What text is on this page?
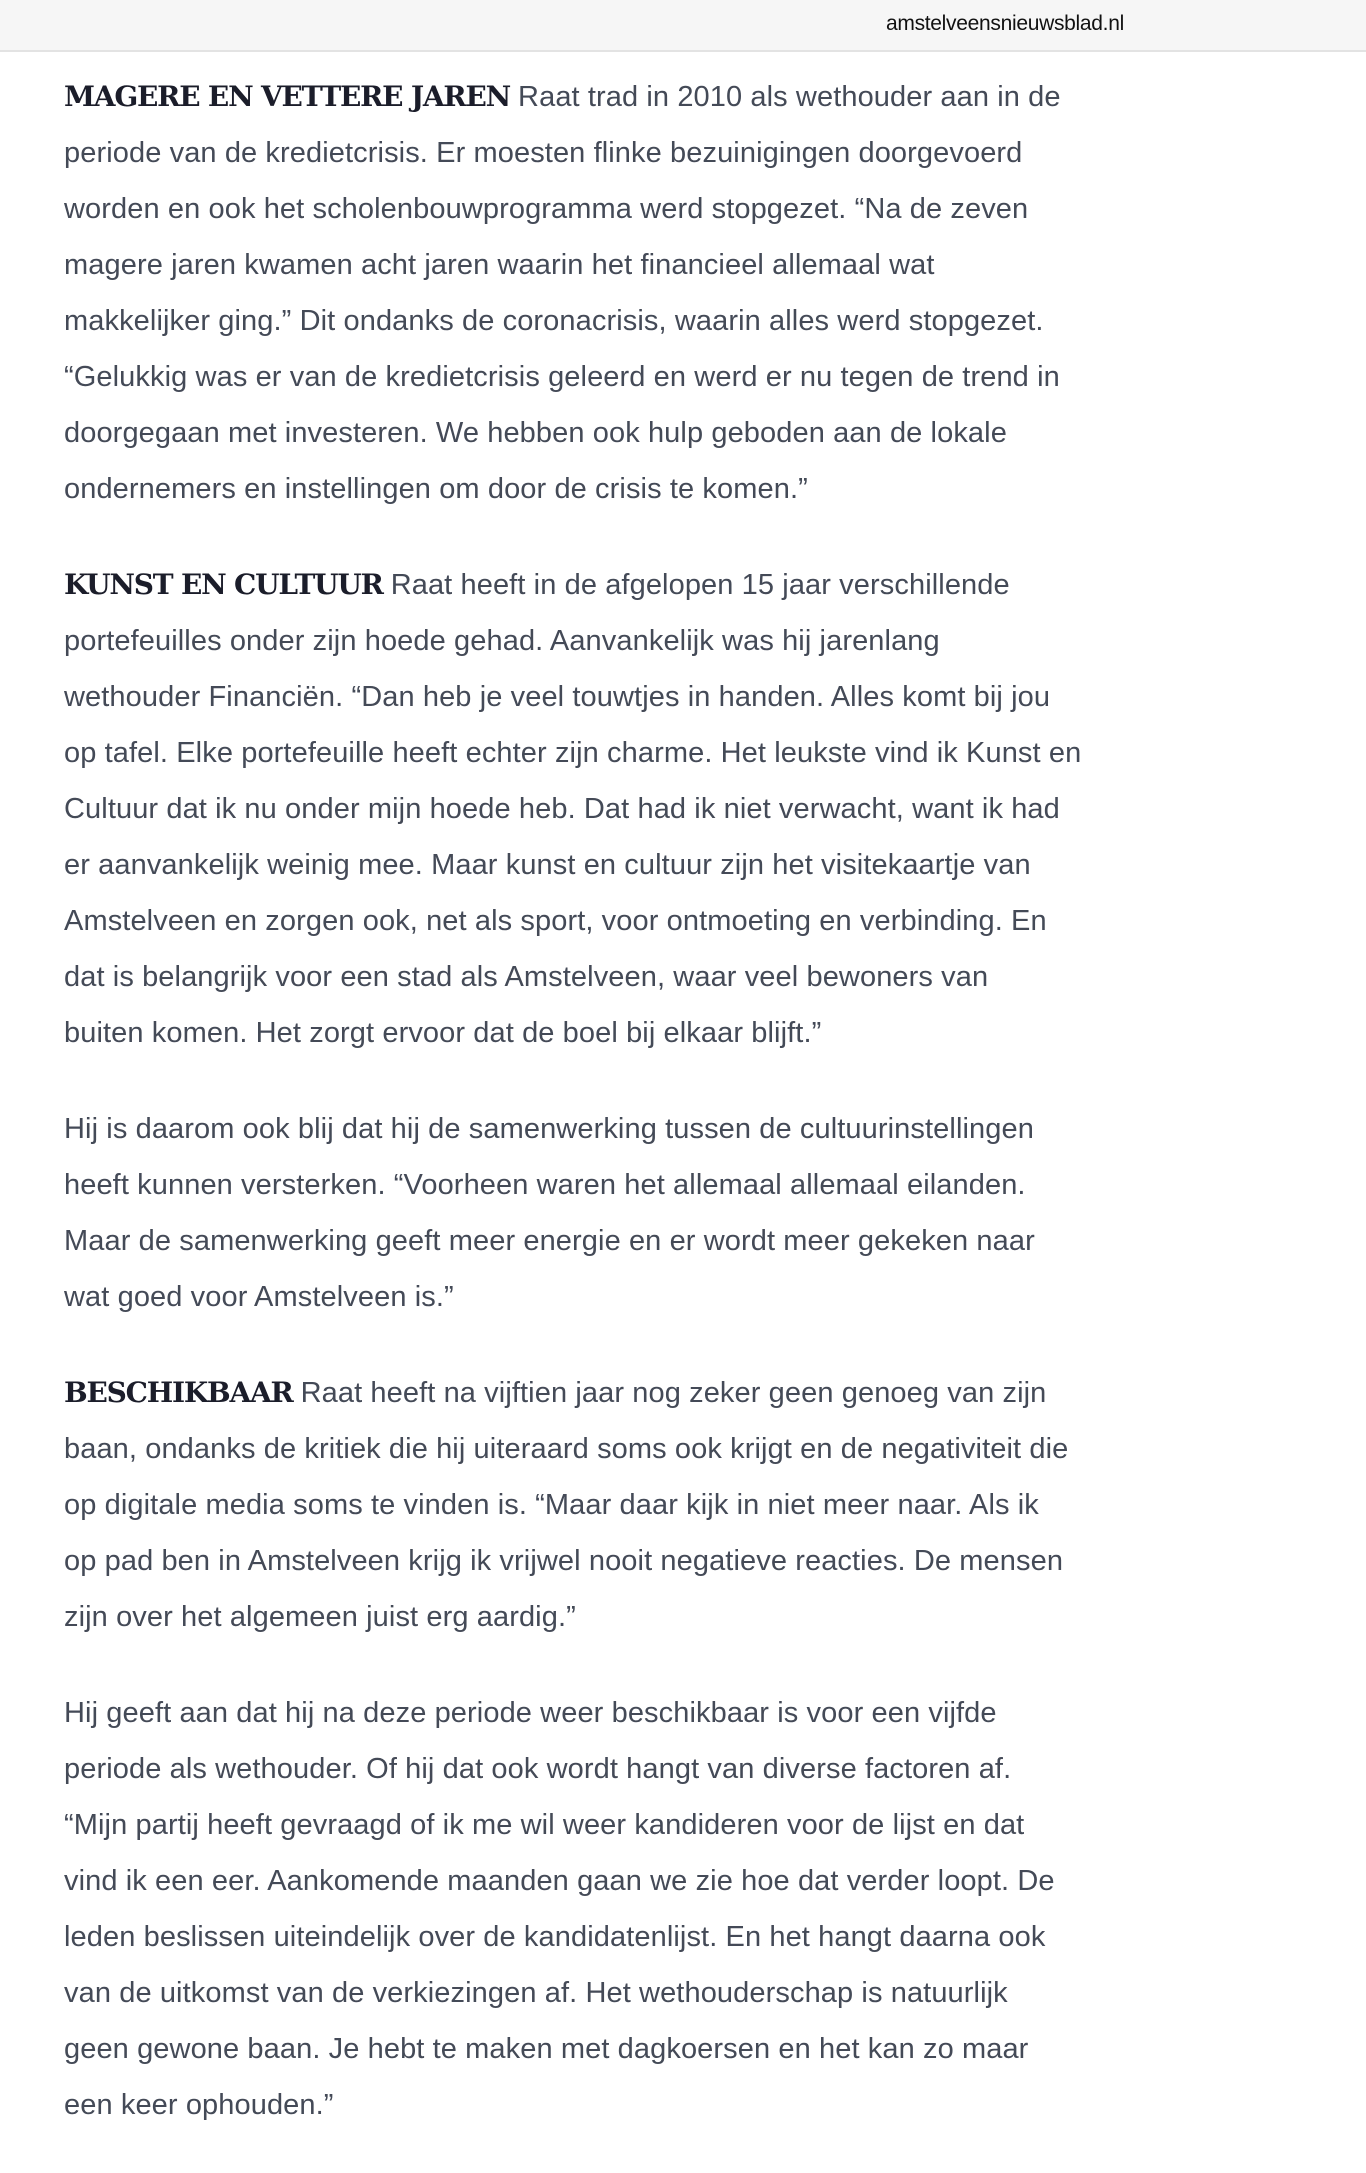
amstelveensnieuwsblad.nl
MAGERE EN VETTERE JAREN Raat trad in 2010 als wethouder aan in de
periode van de kredietcrisis. Er moesten flinke bezuinigingen doorgevoerd
worden en ook het scholenbouwprogramma werd stopgezet. “Na de zeven
magere jaren kwamen acht jaren waarin het financieel allemaal wat
makkelijker ging.” Dit ondanks de coronacrisis, waarin alles werd stopgezet.
“Gelukkig was er van de kredietcrisis geleerd en werd er nu tegen de trend in
doorgegaan met investeren. We hebben ook hulp geboden aan de lokale
ondernemers en instellingen om door de crisis te komen.”
KUNST EN CULTUUR Raat heeft in de afgelopen 15 jaar verschillende
portefeuilles onder zijn hoede gehad. Aanvankelijk was hij jarenlang
wethouder Financiën. “Dan heb je veel touwtjes in handen. Alles komt bij jou
op tafel. Elke portefeuille heeft echter zijn charme. Het leukste vind ik Kunst en
Cultuur dat ik nu onder mijn hoede heb. Dat had ik niet verwacht, want ik had
er aanvankelijk weinig mee. Maar kunst en cultuur zijn het visitekaartje van
Amstelveen en zorgen ook, net als sport, voor ontmoeting en verbinding. En
dat is belangrijk voor een stad als Amstelveen, waar veel bewoners van
buiten komen. Het zorgt ervoor dat de boel bij elkaar blijft.”
Hij is daarom ook blij dat hij de samenwerking tussen de cultuurinstellingen
heeft kunnen versterken. “Voorheen waren het allemaal allemaal eilanden.
Maar de samenwerking geeft meer energie en er wordt meer gekeken naar
wat goed voor Amstelveen is.”
BESCHIKBAAR Raat heeft na vijftien jaar nog zeker geen genoeg van zijn
baan, ondanks de kritiek die hij uiteraard soms ook krijgt en de negativiteit die
op digitale media soms te vinden is. “Maar daar kijk in niet meer naar. Als ik
op pad ben in Amstelveen krijg ik vrijwel nooit negatieve reacties. De mensen
zijn over het algemeen juist erg aardig.”
Hij geeft aan dat hij na deze periode weer beschikbaar is voor een vijfde
periode als wethouder. Of hij dat ook wordt hangt van diverse factoren af.
“Mijn partij heeft gevraagd of ik me wil weer kandideren voor de lijst en dat
vind ik een eer. Aankomende maanden gaan we zie hoe dat verder loopt. De
leden beslissen uiteindelijk over de kandidatenlijst. En het hangt daarna ook
van de uitkomst van de verkiezingen af. Het wethouderschap is natuurlijk
geen gewone baan. Je hebt te maken met dagkoersen en het kan zo maar
een keer ophouden.”
